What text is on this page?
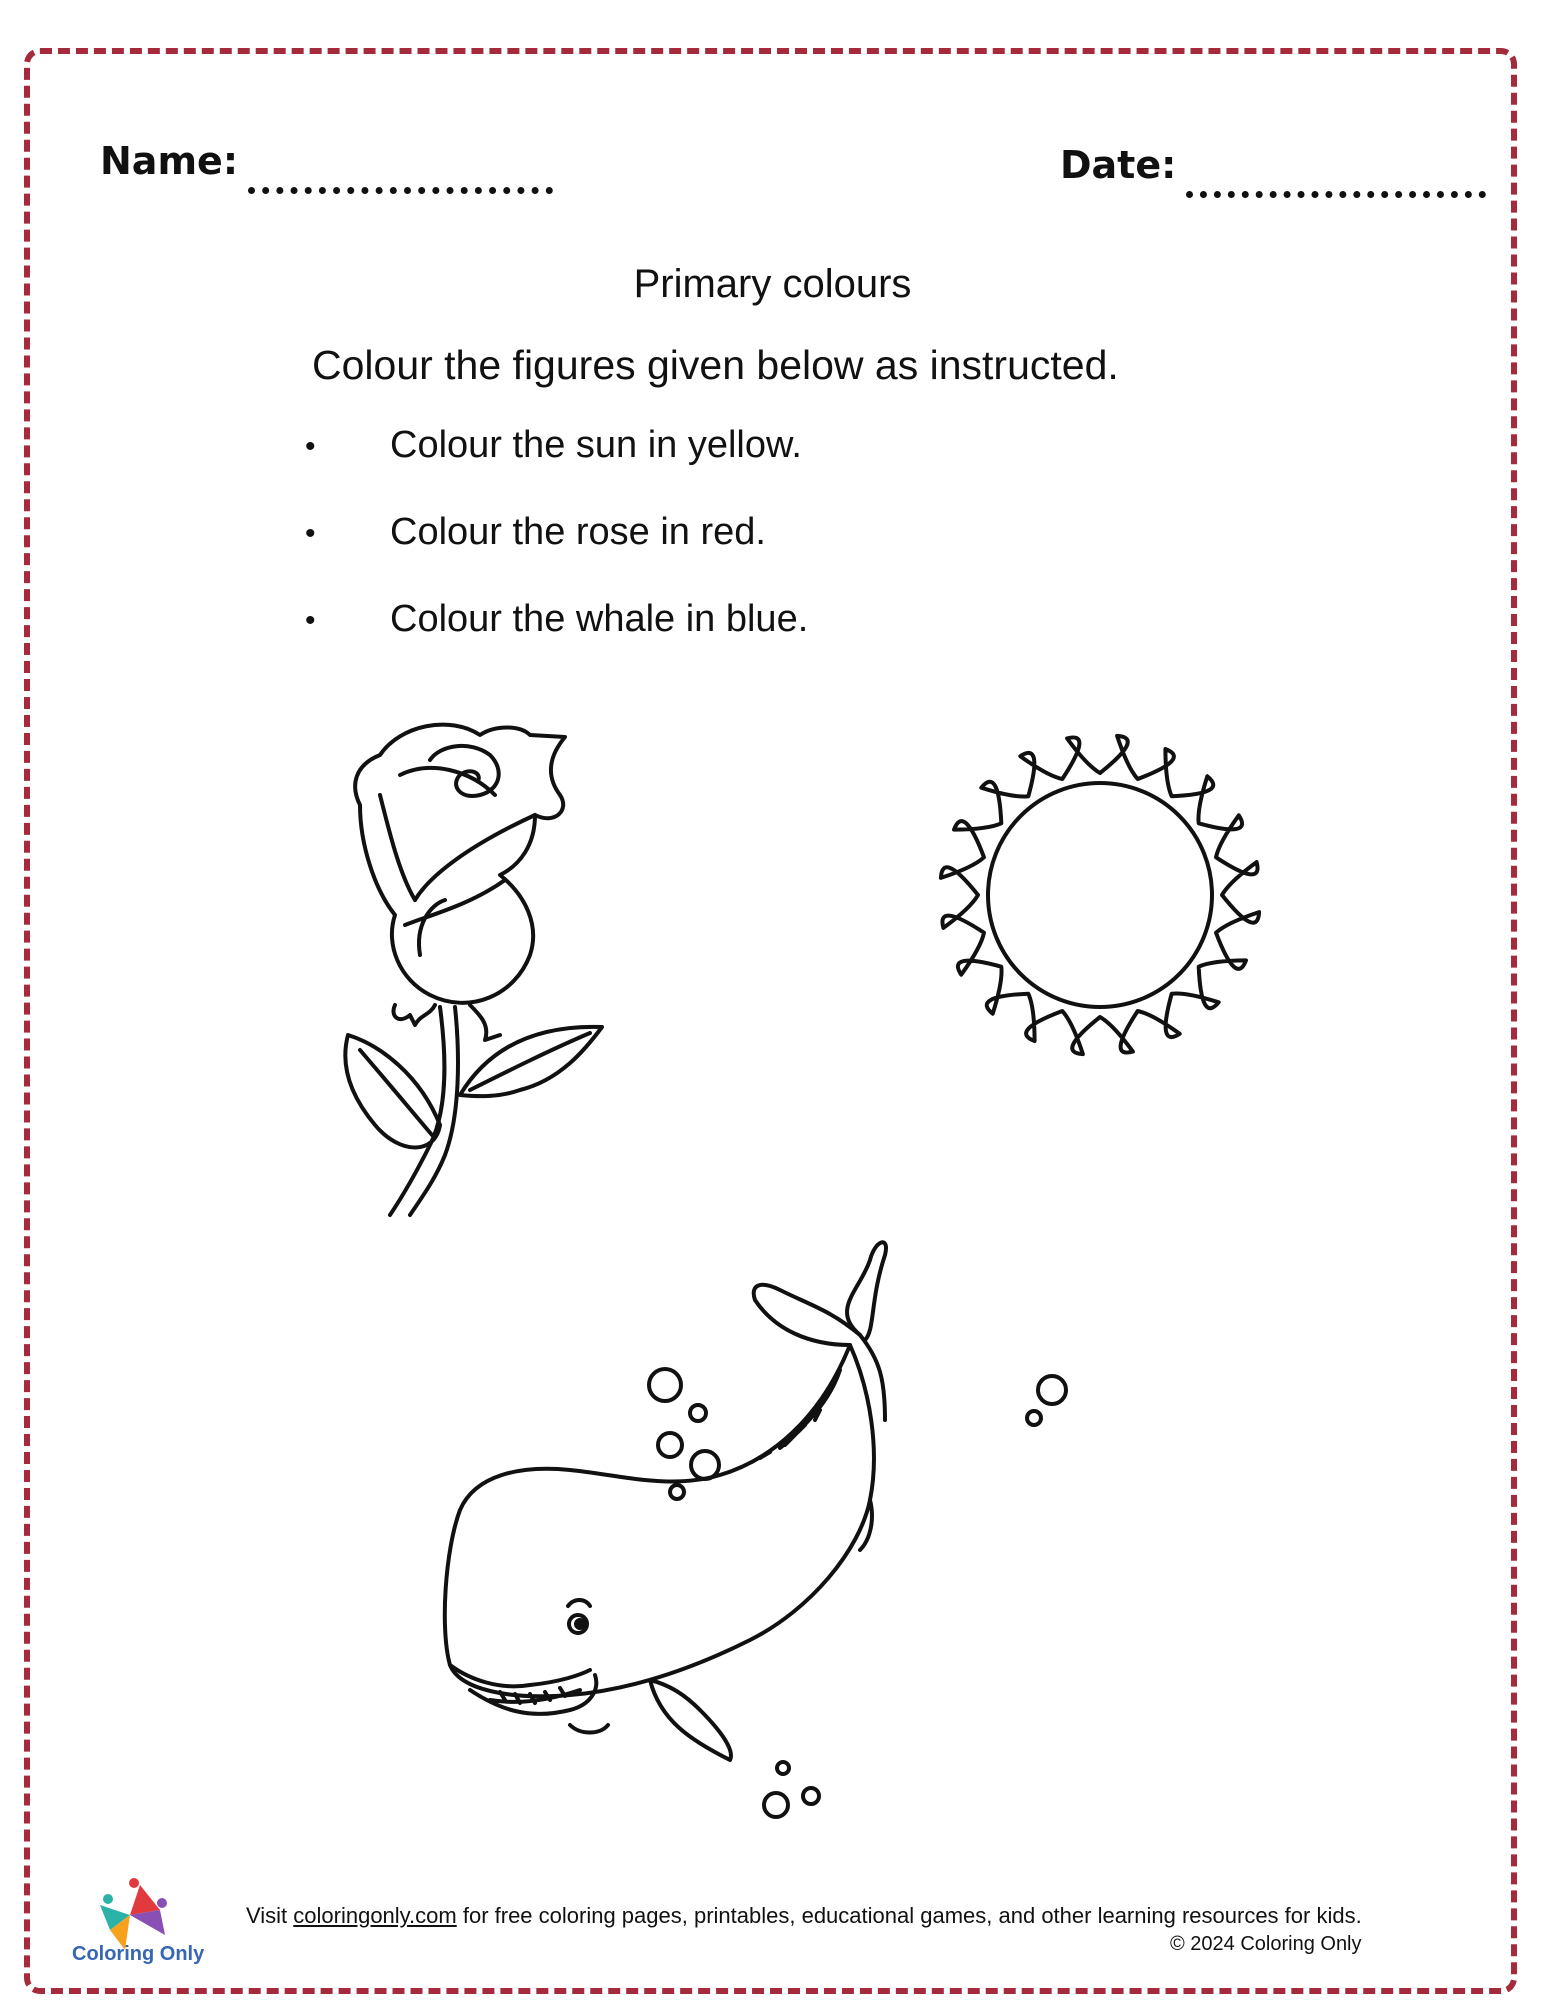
Name:	Date:
Primary colours
Colour the figures given below as instructed.
•	Colour the sun in yellow.
•	Colour the rose in red.
•	Colour the whale in blue.
Coloring Only
Visit coloringonly.com for free coloring pages, printables, educational games, and other learning resources for kids.
© 2024 Coloring Only
